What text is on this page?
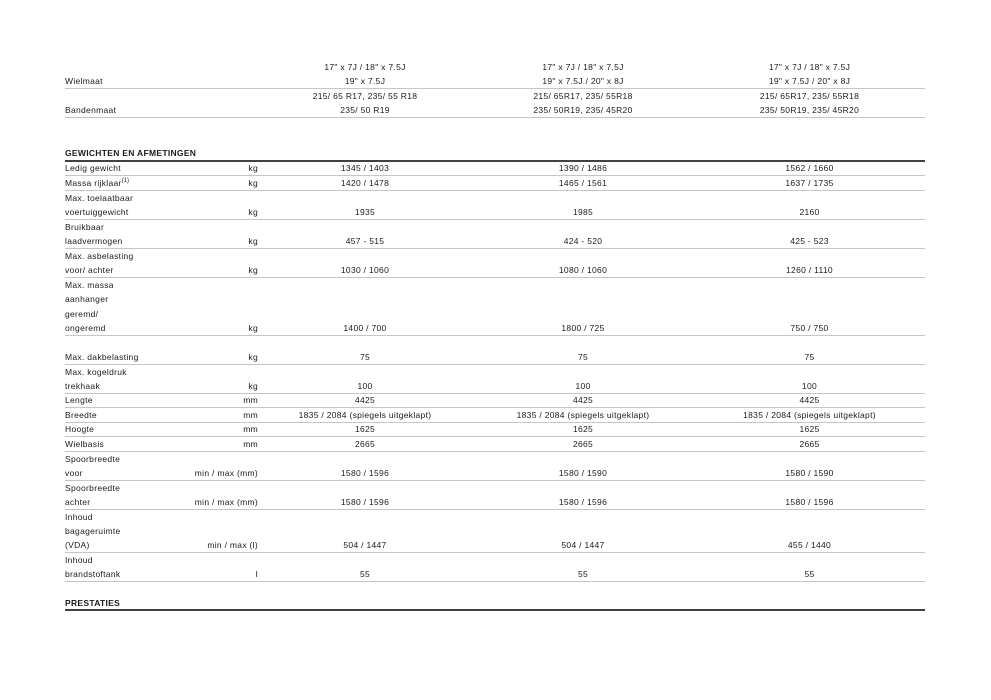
17" x 7J / 18" x 7.5J	17" x 7J / 18" x 7.5J	17" x 7J / 18" x 7.5J
Wielmaat	19" x 7.5J	19" x 7.5J / 20" x 8J	19" x 7.5J / 20" x 8J
215/ 65 R17, 235/ 55 R18	215/ 65R17, 235/ 55R18	215/ 65R17, 235/ 55R18
Bandenmaat	235/ 50 R19	235/ 50R19, 235/ 45R20	235/ 50R19, 235/ 45R20
GEWICHTEN EN AFMETINGEN
Ledig gewicht	kg	1345 / 1403	1390 / 1486	1562 / 1660
Massa rijklaar$^{(1)}$	kg	1420 / 1478	1465 / 1561	1637 / 1735
Max. toelaatbaar
voertuiggewicht	kg	1935	1985	2160
Bruikbaar
laadvermogen	kg	457 - 515	424 - 520	425 - 523
Max. asbelasting
voor/ achter	kg	1030 / 1060	1080 / 1060	1260 / 1110
Max. massa
aanhanger
geremd/
ongeremd	kg	1400 / 700	1800 / 725	750 / 750
Max. dakbelasting	kg	75	75	75
Max. kogeldruk
trekhaak	kg	100	100	100
Lengte	mm	4425	4425	4425
Breedte	mm	1835 / 2084 (spiegels uitgeklapt)	1835 / 2084 (spiegels uitgeklapt)	1835 / 2084 (spiegels uitgeklapt)
Hoogte	mm	1625	1625	1625
Wielbasis	mm	2665	2665	2665
Spoorbreedte
voor	min / max (mm)	1580 / 1596	1580 / 1590	1580 / 1590
Spoorbreedte
achter	min / max (mm)	1580 / 1596	1580 / 1596	1580 / 1596
Inhoud
bagageruimte
(VDA)	min / max (l)	504 / 1447	504 / 1447	455 / 1440
Inhoud
brandstoftank	l	55	55	55
PRESTATIES
